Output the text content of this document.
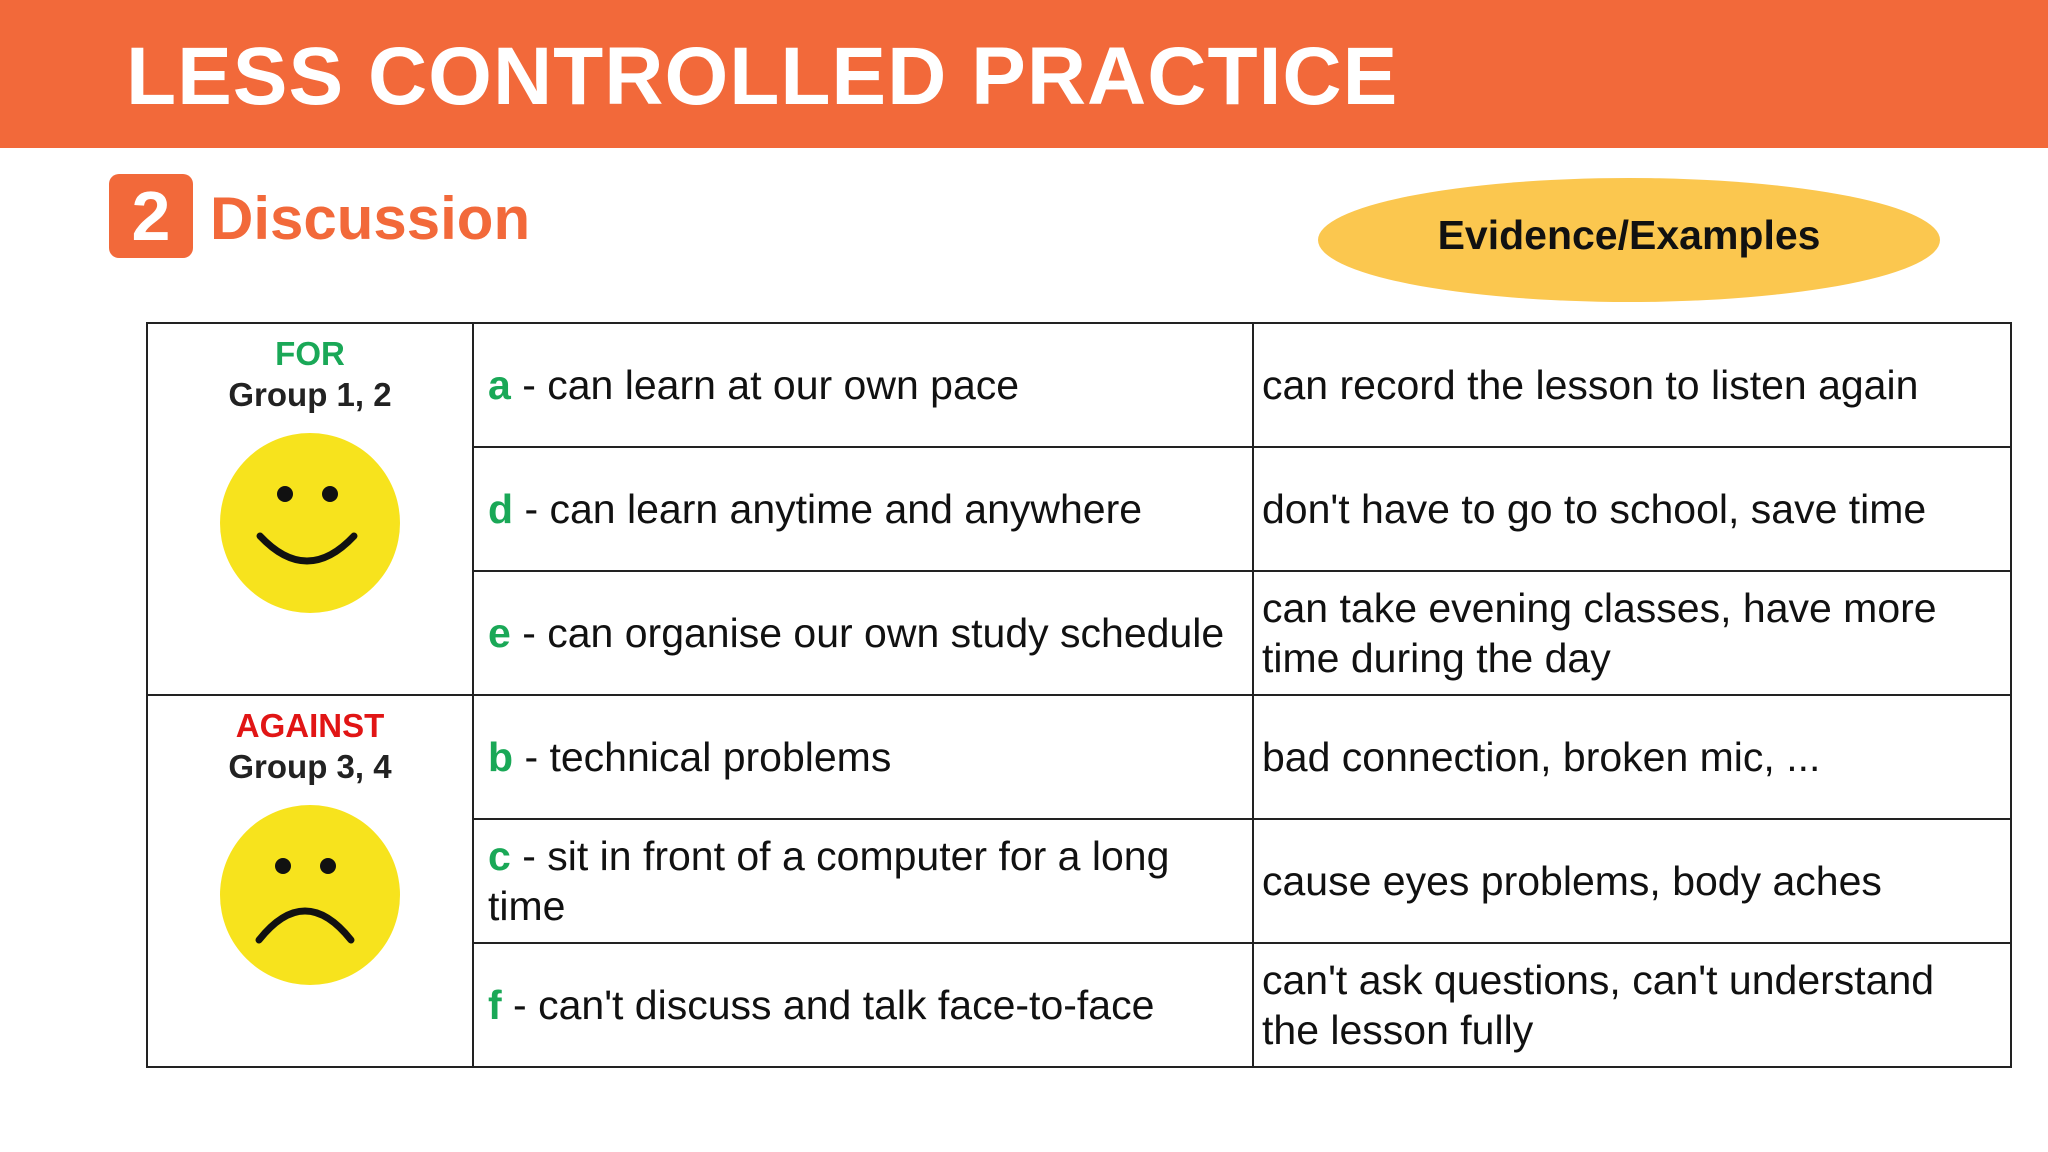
LESS CONTROLLED PRACTICE
2 Discussion	Evidence/Examples
FOR
Group 1, 2	a - can learn at our own pace	can record the lesson to listen again
	d - can learn anytime and anywhere	don't have to go to school, save time
	e - can organise our own study schedule	can take evening classes, have more time during the day

AGAINST
Group 3, 4	b - technical problems	bad connection, broken mic, ...
	c - sit in front of a computer for a long time	cause eyes problems, body aches
	f - can't discuss and talk face-to-face	can't ask questions, can't understand the lesson fully
